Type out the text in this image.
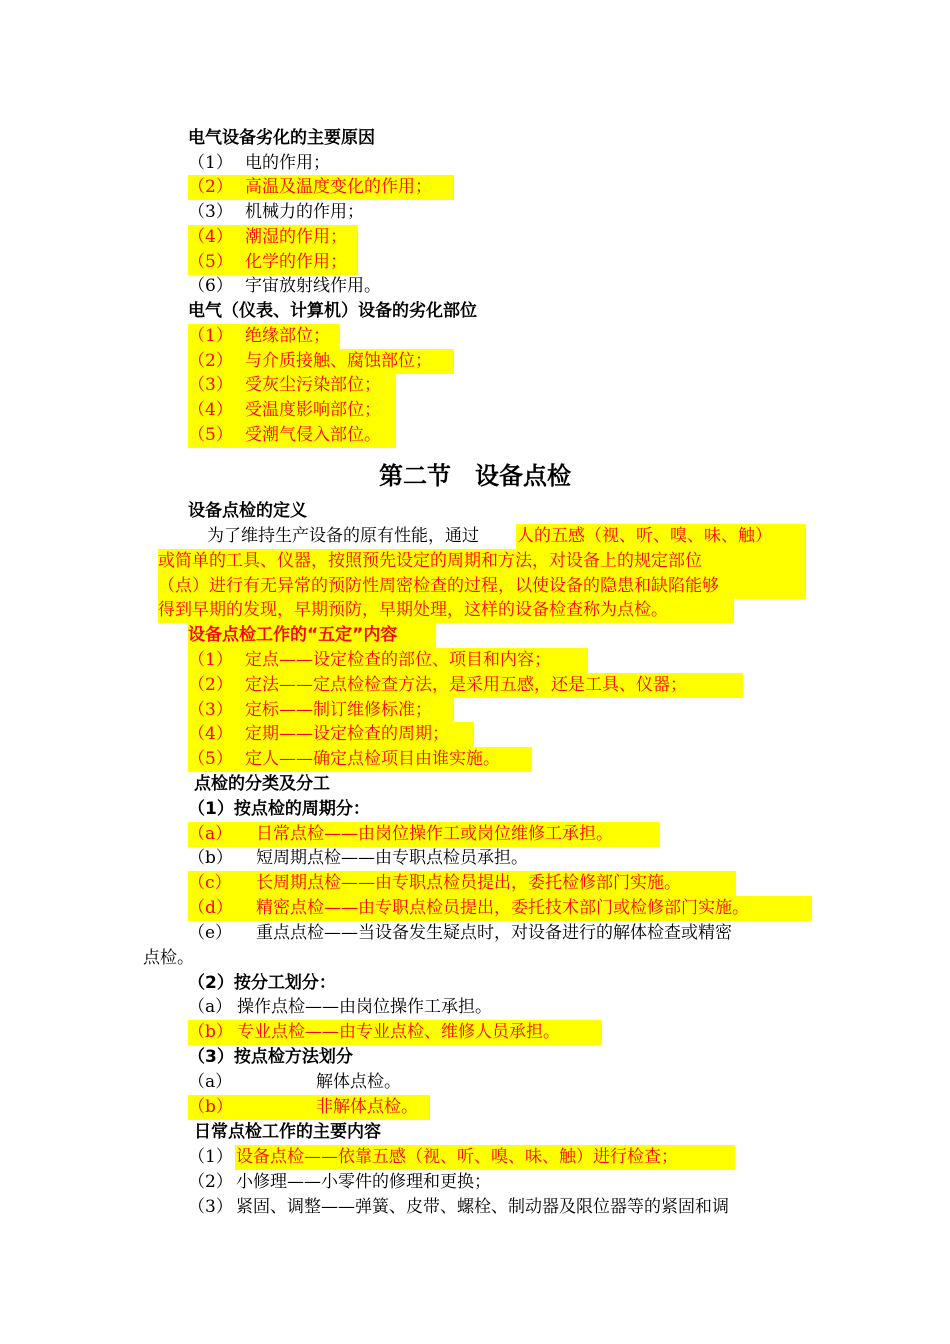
电气设备劣化的主要原因
（1） 电的作用；
（2） 高温及温度变化的作用；
（3） 机械力的作用；
（4） 潮湿的作用；
（5） 化学的作用；
（6） 宇宙放射线作用。
电气（仪表、计算机）设备的劣化部位
（1） 绝缘部位；
（2） 与介质接触、腐蚀部位；
（3） 受灰尘污染部位；
（4） 受温度影响部位；
（5） 受潮气侵入部位。
第二节　设备点检
设备点检的定义
为了维持生产设备的原有性能，通过 人的五感（视、听、嗅、味、触）
或简单的工具、仪器，按照预先设定的周期和方法，对设备上的规定部位
（点）进行有无异常的预防性周密检查的过程，以使设备的隐患和缺陷能够
得到早期的发现，早期预防，早期处理，这样的设备检查称为点检。
设备点检工作的“五定”内容
（1） 定点——设定检查的部位、项目和内容；
（2） 定法——定点检检查方法，是采用五感，还是工具、仪器；
（3） 定标——制订维修标准；
（4） 定期——设定检查的周期；
（5） 定人——确定点检项目由谁实施。
点检的分类及分工
（1）按点检的周期分：
（a） 日常点检——由岗位操作工或岗位维修工承担。
（b） 短周期点检——由专职点检员承担。
（c） 长周期点检——由专职点检员提出，委托检修部门实施。
（d） 精密点检——由专职点检员提出，委托技术部门或检修部门实施。
（e） 重点点检——当设备发生疑点时，对设备进行的解体检查或精密
点检。
（2）按分工划分：
（a） 操作点检——由岗位操作工承担。
（b） 专业点检——由专业点检、维修人员承担。
（3）按点检方法划分
（a）	解体点检。
（b）	非解体点检。
日常点检工作的主要内容
（1） 设备点检——依靠五感（视、听、嗅、味、触）进行检查；
（2） 小修理——小零件的修理和更换；
（3） 紧固、调整——弹簧、皮带、螺栓、制动器及限位器等的紧固和调
